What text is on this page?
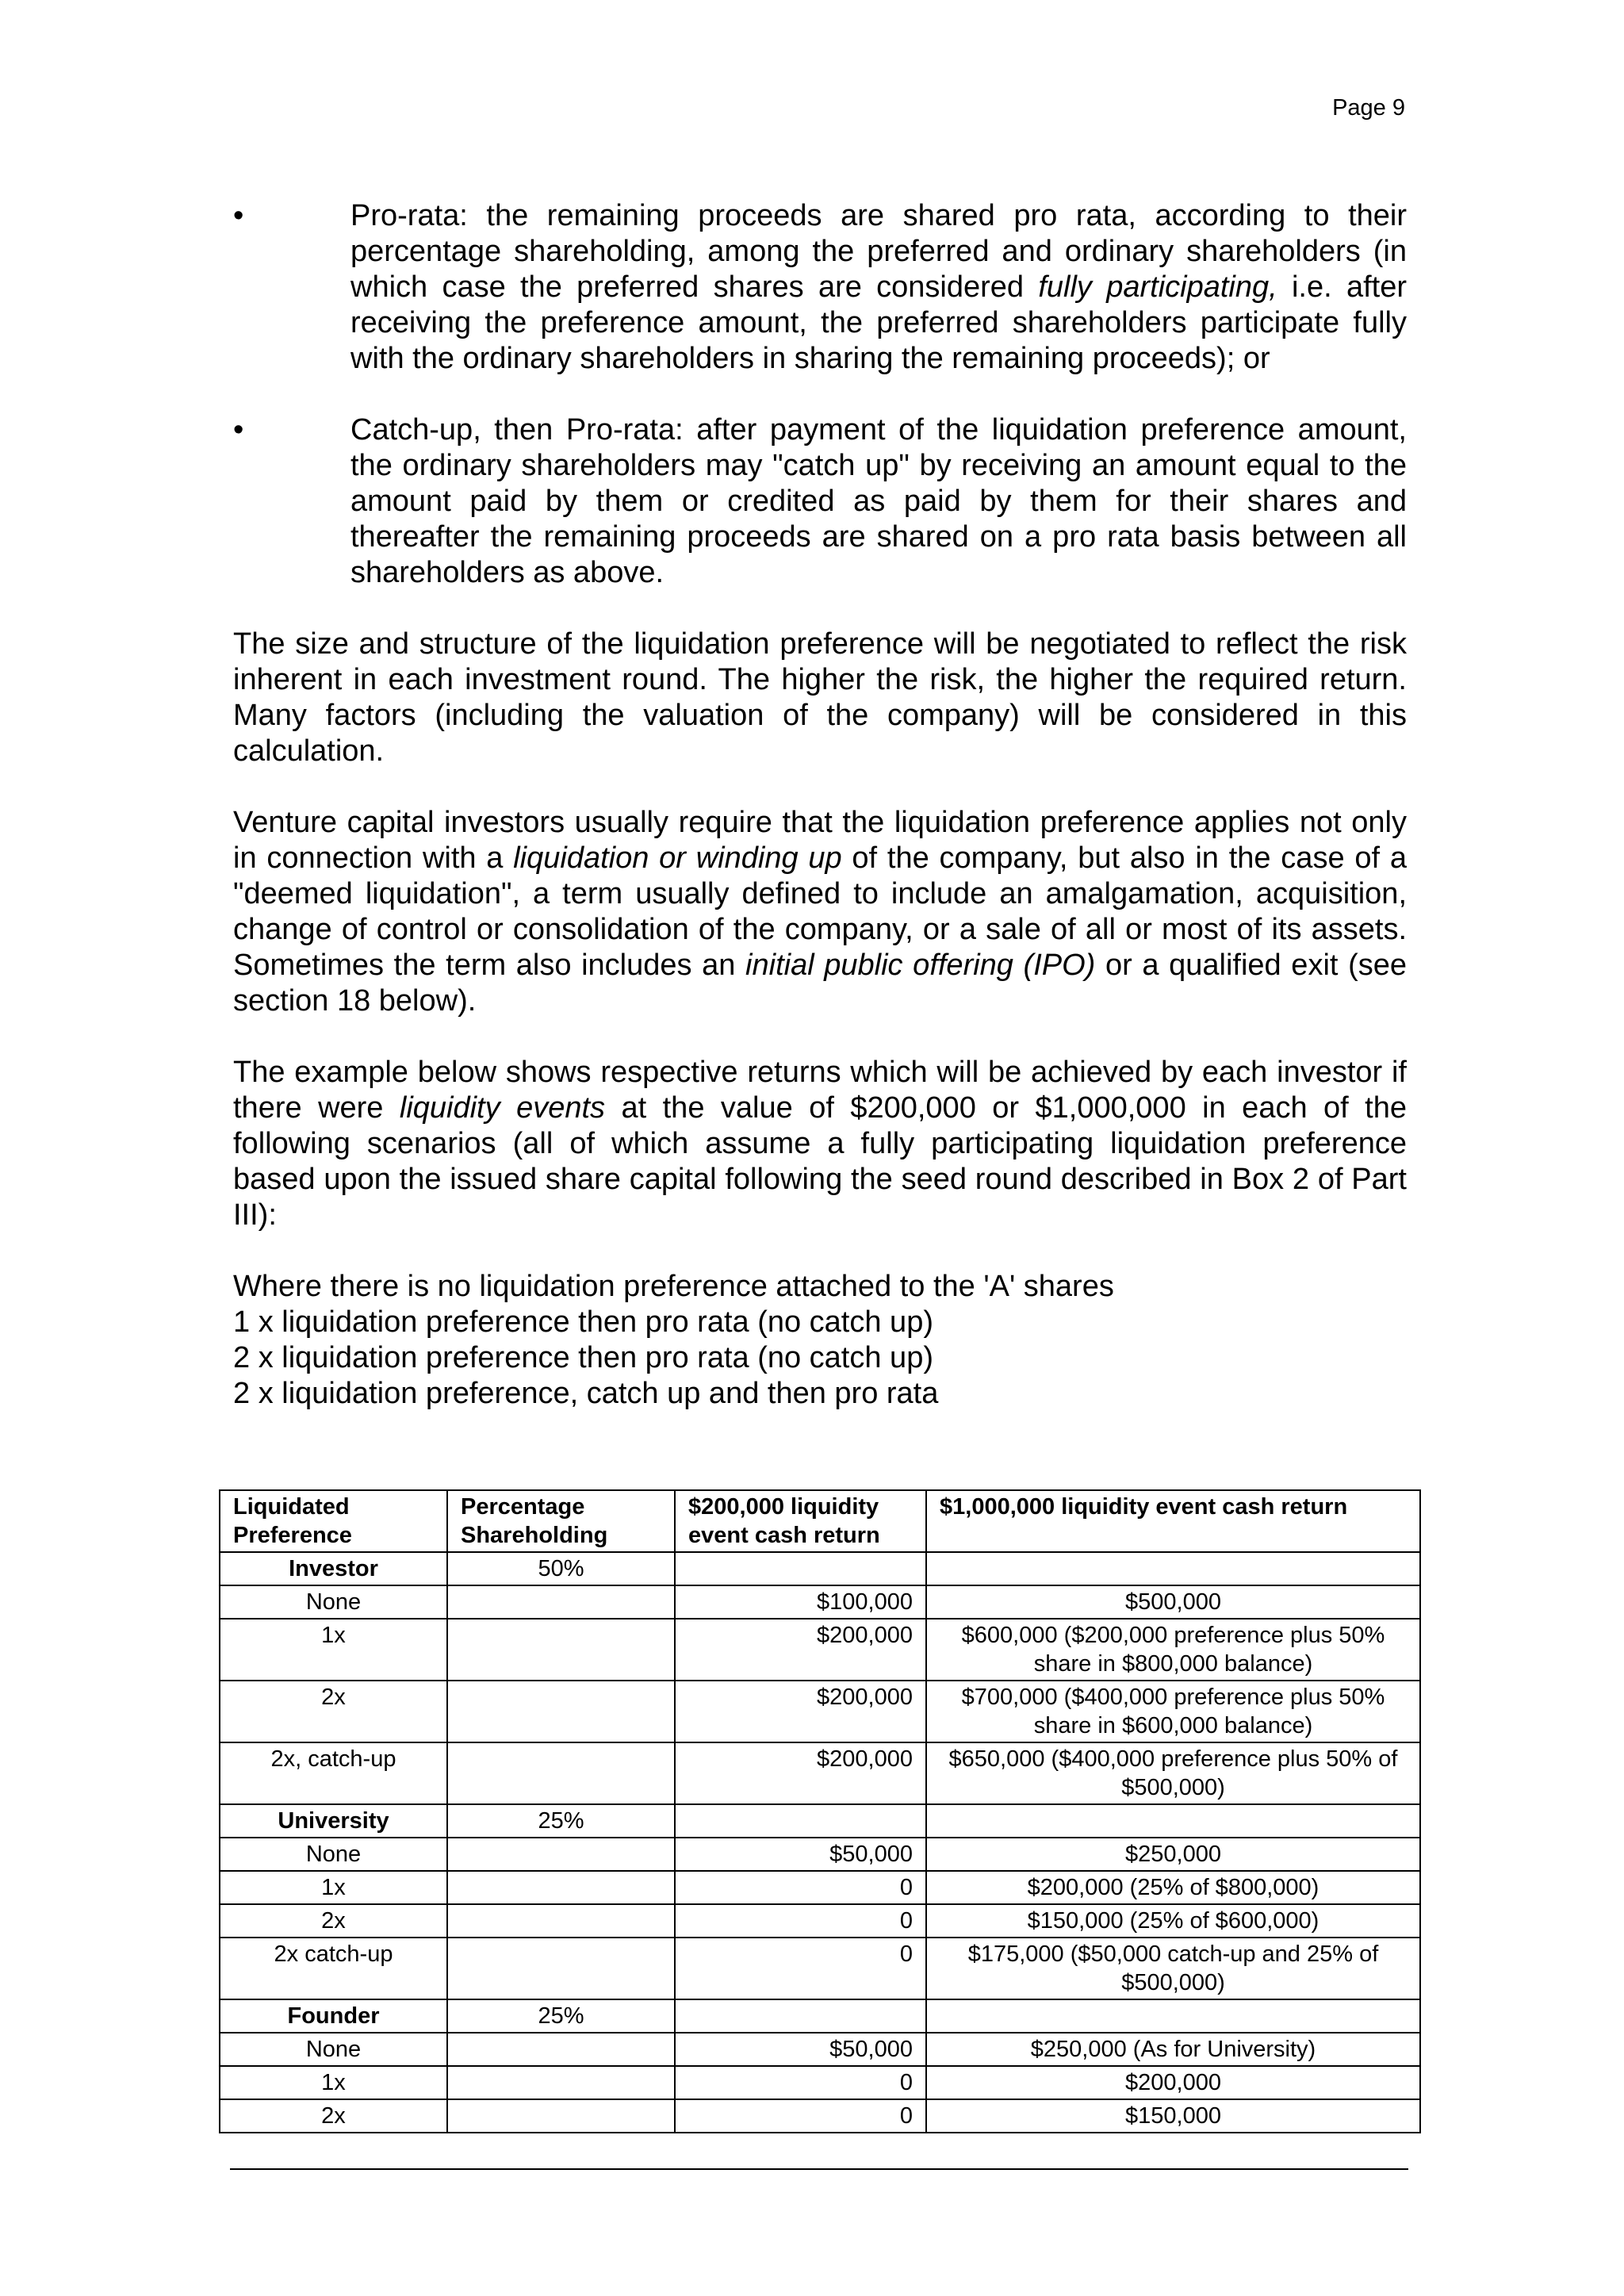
Page 9
•	Pro-rata: the remaining proceeds are shared pro rata, according to their percentage shareholding, among the preferred and ordinary shareholders (in which case the preferred shares are considered fully participating, i.e. after receiving the preference amount, the preferred shareholders participate fully with the ordinary shareholders in sharing the remaining proceeds); or
•	Catch-up, then Pro-rata: after payment of the liquidation preference amount, the ordinary shareholders may "catch up" by receiving an amount equal to the amount paid by them or credited as paid by them for their shares and thereafter the remaining proceeds are shared on a pro rata basis between all shareholders as above.

The size and structure of the liquidation preference will be negotiated to reflect the risk inherent in each investment round. The higher the risk, the higher the required return. Many factors (including the valuation of the company) will be considered in this calculation.

Venture capital investors usually require that the liquidation preference applies not only in connection with a liquidation or winding up of the company, but also in the case of a "deemed liquidation", a term usually defined to include an amalgamation, acquisition, change of control or consolidation of the company, or a sale of all or most of its assets. Sometimes the term also includes an initial public offering (IPO) or a qualified exit (see section 18 below).

The example below shows respective returns which will be achieved by each investor if there were liquidity events at the value of $200,000 or $1,000,000 in each of the following scenarios (all of which assume a fully participating liquidation preference based upon the issued share capital following the seed round described in Box 2 of Part III):

Where there is no liquidation preference attached to the 'A' shares
1 x liquidation preference then pro rata (no catch up)
2 x liquidation preference then pro rata (no catch up)
2 x liquidation preference, catch up and then pro rata
Liquidated Preference	Percentage Shareholding	$200,000 liquidity event cash return	$1,000,000 liquidity event cash return
Investor	50%		
None		$100,000	$500,000
1x		$200,000	$600,000 ($200,000 preference plus 50% share in $800,000 balance)
2x		$200,000	$700,000 ($400,000 preference plus 50% share in $600,000 balance)
2x, catch-up		$200,000	$650,000 ($400,000 preference plus 50% of $500,000)
University	25%		
None		$50,000	$250,000
1x		0	$200,000 (25% of $800,000)
2x		0	$150,000 (25% of $600,000)
2x catch-up		0	$175,000 ($50,000 catch-up and 25% of $500,000)
Founder	25%		
None		$50,000	$250,000 (As for University)
1x		0	$200,000
2x		0	$150,000
